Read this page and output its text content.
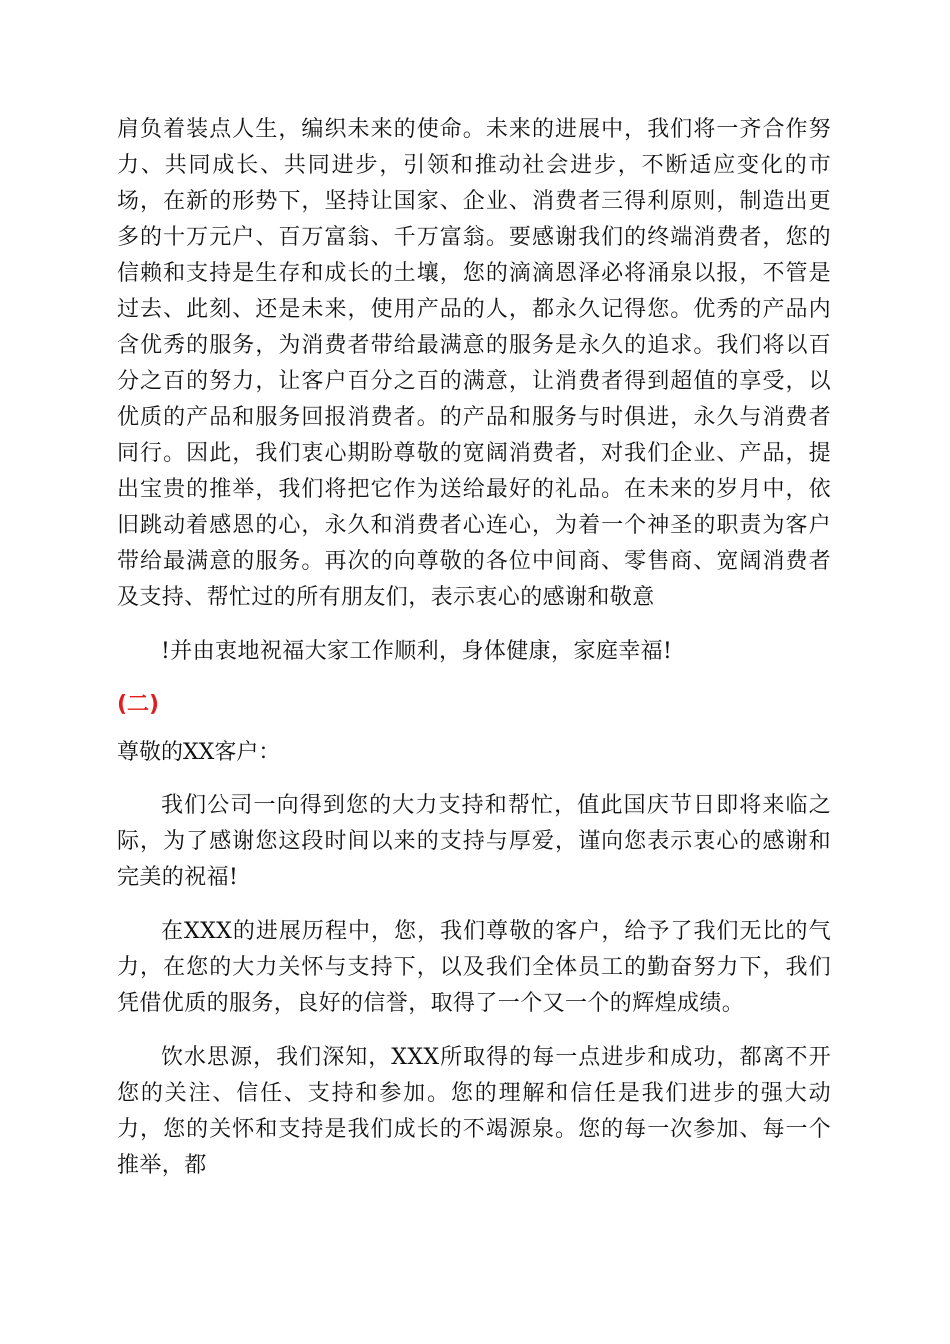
肩负着装点人生，编织未来的使命。未来的进展中，我们将一齐合作努力、共同成长、共同进步，引领和推动社会进步，不断适应变化的市场，在新的形势下，坚持让国家、企业、消费者三得利原则，制造出更多的十万元户、百万富翁、千万富翁。要感谢我们的终端消费者，您的信赖和支持是生存和成长的土壤，您的滴滴恩泽必将涌泉以报，不管是过去、此刻、还是未来，使用产品的人，都永久记得您。优秀的产品内含优秀的服务，为消费者带给最满意的服务是永久的追求。我们将以百分之百的努力，让客户百分之百的满意，让消费者得到超值的享受，以优质的产品和服务回报消费者。的产品和服务与时俱进，永久与消费者同行。因此，我们衷心期盼尊敬的宽阔消费者，对我们企业、产品，提出宝贵的推举，我们将把它作为送给最好的礼品。在未来的岁月中，依旧跳动着感恩的心，永久和消费者心连心，为着一个神圣的职责为客户带给最满意的服务。再次的向尊敬的各位中间商、零售商、宽阔消费者及支持、帮忙过的所有朋友们，表示衷心的感谢和敬意

!并由衷地祝福大家工作顺利，身体健康，家庭幸福!

(二)

尊敬的XX客户：

我们公司一向得到您的大力支持和帮忙，值此国庆节日即将来临之际，为了感谢您这段时间以来的支持与厚爱，谨向您表示衷心的感谢和完美的祝福!

在XXX的进展历程中，您，我们尊敬的客户，给予了我们无比的气力，在您的大力关怀与支持下，以及我们全体员工的勤奋努力下，我们凭借优质的服务，良好的信誉，取得了一个又一个的辉煌成绩。

饮水思源，我们深知，XXX所取得的每一点进步和成功，都离不开您的关注、信任、支持和参加。您的理解和信任是我们进步的强大动力，您的关怀和支持是我们成长的不竭源泉。您的每一次参加、每一个推举，都
